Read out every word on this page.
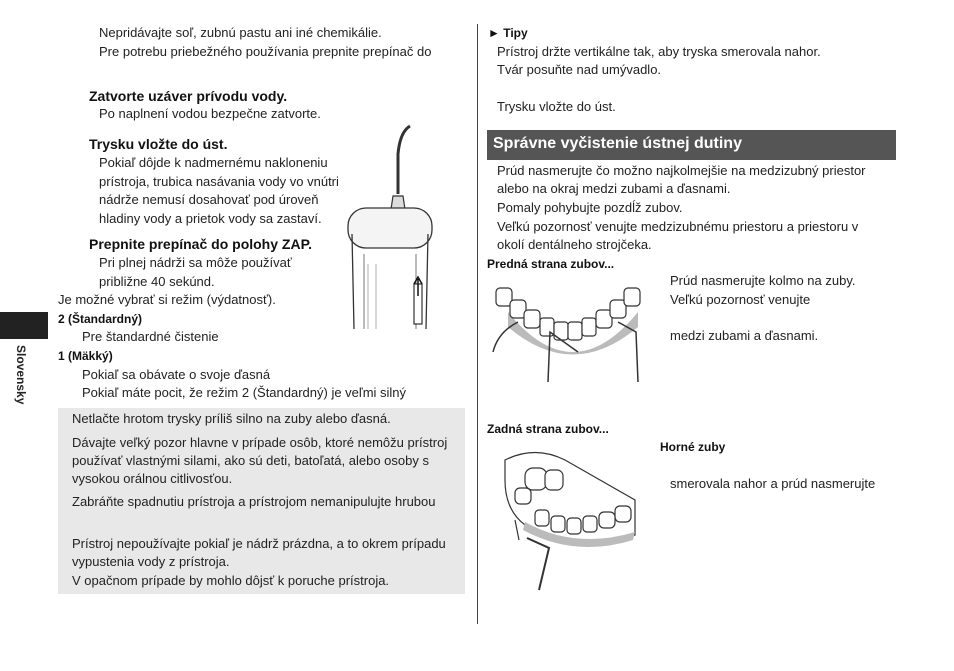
Nepridávajte soľ, zubnú pastu ani iné chemikálie.
Pre potrebu priebežného používania prepnite prepínač do
Zatvorte uzáver prívodu vody.
Po naplnení vodou bezpečne zatvorte.
Trysku vložte do úst.
Pokiaľ dôjde k nadmernému nakloneniu
prístroja, trubica nasávania vody vo vnútri
nádrže nemusí dosahovať pod úroveň
hladiny vody a prietok vody sa zastaví.
Prepnite prepínač do polohy ZAP.
Pri plnej nádrži sa môže používať
približne 40 sekúnd.
Je možné vybrať si režim (výdatnosť).
2 (Štandardný)
Pre štandardné čistenie
1 (Mäkký)
Pokiaľ sa obávate o svoje ďasná
Pokiaľ máte pocit, že režim 2 (Štandardný) je veľmi silný
Slovensky
Netlačte hrotom trysky príliš silno na zuby alebo ďasná.
Dávajte veľký pozor hlavne v prípade osôb, ktoré nemôžu prístroj
používať vlastnými silami, ako sú deti, batoľatá, alebo osoby s
vysokou orálnou citlivosťou.
Zabráňte spadnutiu prístroja a prístrojom nemanipulujte hrubou
Prístroj nepoužívajte pokiaľ je nádrž prázdna, a to okrem prípadu
vypustenia vody z prístroja.
V opačnom prípade by mohlo dôjsť k poruche prístroja.
► Tipy
Prístroj držte vertikálne tak, aby tryska smerovala nahor.
Tvár posuňte nad umývadlo.
Trysku vložte do úst.
Správne vyčistenie ústnej dutiny
Prúd nasmerujte čo možno najkolmejšie na medzizubný priestor
alebo na okraj medzi zubami a ďasnami.
Pomaly pohybujte pozdĺž zubov.
Veľkú pozornosť venujte medzizubnému priestoru a priestoru v
okolí dentálneho strojčeka.
Predná strana zubov...
Prúd nasmerujte kolmo na zuby.
Veľkú pozornosť venujte
medzi zubami a ďasnami.
Zadná strana zubov...
Horné zuby
smerovala nahor a prúd nasmerujte
